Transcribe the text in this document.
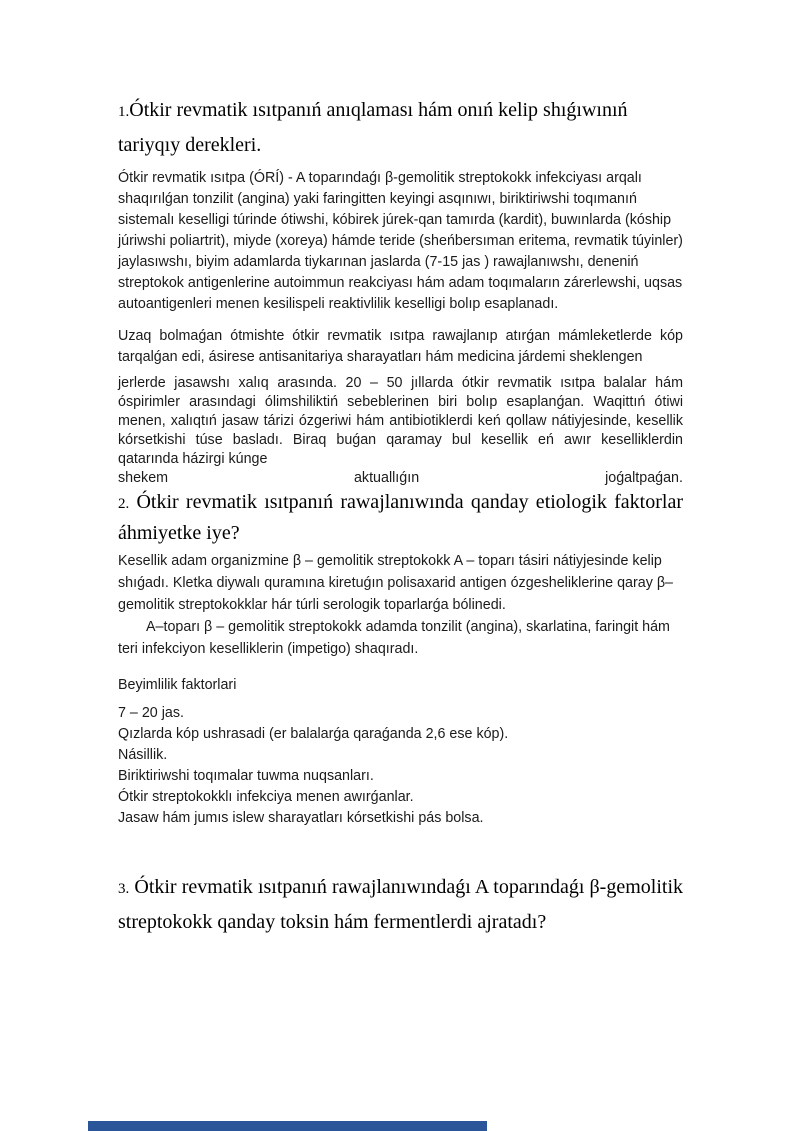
1.Ótkir revmatik ısıtpanıń anıqlaması hám onıń kelip shıǵıwınıń tariyqıy derekleri.

Ótkir revmatik ısıtpa (ÓRÍ) - A toparındaǵı β-gemolitik streptokokk infekciyası arqalı shaqırılǵan tonzilit (angina) yaki faringitten keyingi asqınıwı, biriktiriwshi toqımanıń sistemalı keselligi túrinde ótiwshi, kóbirek júrek-qan tamırda (kardit), buwınlarda (kóship júriwshi poliartrit), miyde (xoreya) hámde teride (sheńbersıman eritema, revmatik túyinler) jaylasıwshı, biyim adamlarda tiykarınan jaslarda (7-15 jas ) rawajlanıwshı, deneniń streptokok antigenlerine autoimmun reakciyası hám adam toqımaların zárerlewshi, uqsas autoantigenleri menen kesilispeli reaktivlilik keselligi bolıp esaplanadı.

Uzaq bolmaǵan ótmishte ótkir revmatik ısıtpa rawajlanıp atırǵan mámleketlerde kóp tarqalǵan edi, ásirese antisanitariya sharayatları hám medicina járdemi sheklengen

jerlerde jasawshı xalıq arasında. 20 – 50 jıllarda ótkir revmatik ısıtpa balalar hám óspirimler arasındagi ólimshiliktiń sebeblerinen biri bolıp esaplanǵan. Waqittıń ótiwi menen, xalıqtıń jasaw tárizi ózgeriwi hám antibiotiklerdi keń qollaw nátiyjesinde, kesellik kórsetkishi túse basladı. Biraq buǵan qaramay bul kesellik eń awır keselliklerdin qatarında házirgi kúnge

shekem	aktuallıǵın	joǵaltpaǵan.
2. Ótkir revmatik ısıtpanıń rawajlanıwında qanday etiologik faktorlar áhmiyetke iye?

Kesellik adam organizmine β – gemolitik streptokokk A – toparı tásiri nátiyjesinde kelip shıǵadı. Kletka diywalı quramına kiretuǵın polisaxarid antigen ózgesheliklerine qaray β–gemolitik streptokokklar hár túrli serologik toparlarǵa bólinedi.

A–toparı β – gemolitik streptokokk adamda tonzilit (angina), skarlatina, faringit hám teri infekciyon keselliklerin (impetigo) shaqıradı.

Beyimlilik faktorlari

7 – 20 jas.
Qızlarda kóp ushrasadi (er balalarǵa qaraǵanda 2,6 ese kóp).
Násillik.
Biriktiriwshi toqımalar tuwma nuqsanları.
Ótkir streptokokklı infekciya menen awırǵanlar.
Jasaw hám jumıs islew sharayatları kórsetkishi pás bolsa.
3. Ótkir revmatik ısıtpanıń rawajlanıwındaǵı A toparındaǵı β-gemolitik streptokokk qanday toksin hám fermentlerdi ajratadı?
